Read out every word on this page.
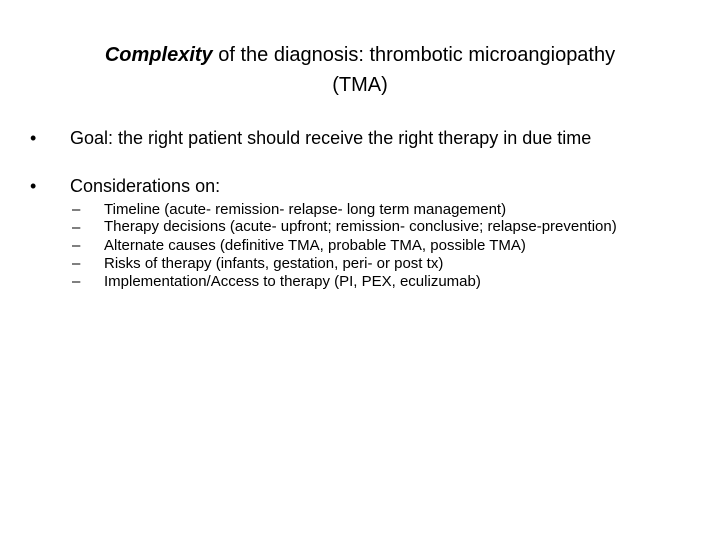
Complexity of the diagnosis: thrombotic microangiopathy
(TMA)
•	Goal: the right patient should receive the right therapy in due time
•	Considerations on:
– Timeline (acute- remission- relapse- long term management)
– Therapy decisions (acute- upfront; remission- conclusive; relapse-prevention)
– Alternate causes (definitive TMA, probable TMA, possible TMA)
– Risks of therapy (infants, gestation, peri- or post tx)
– Implementation/Access to therapy (PI, PEX, eculizumab)
